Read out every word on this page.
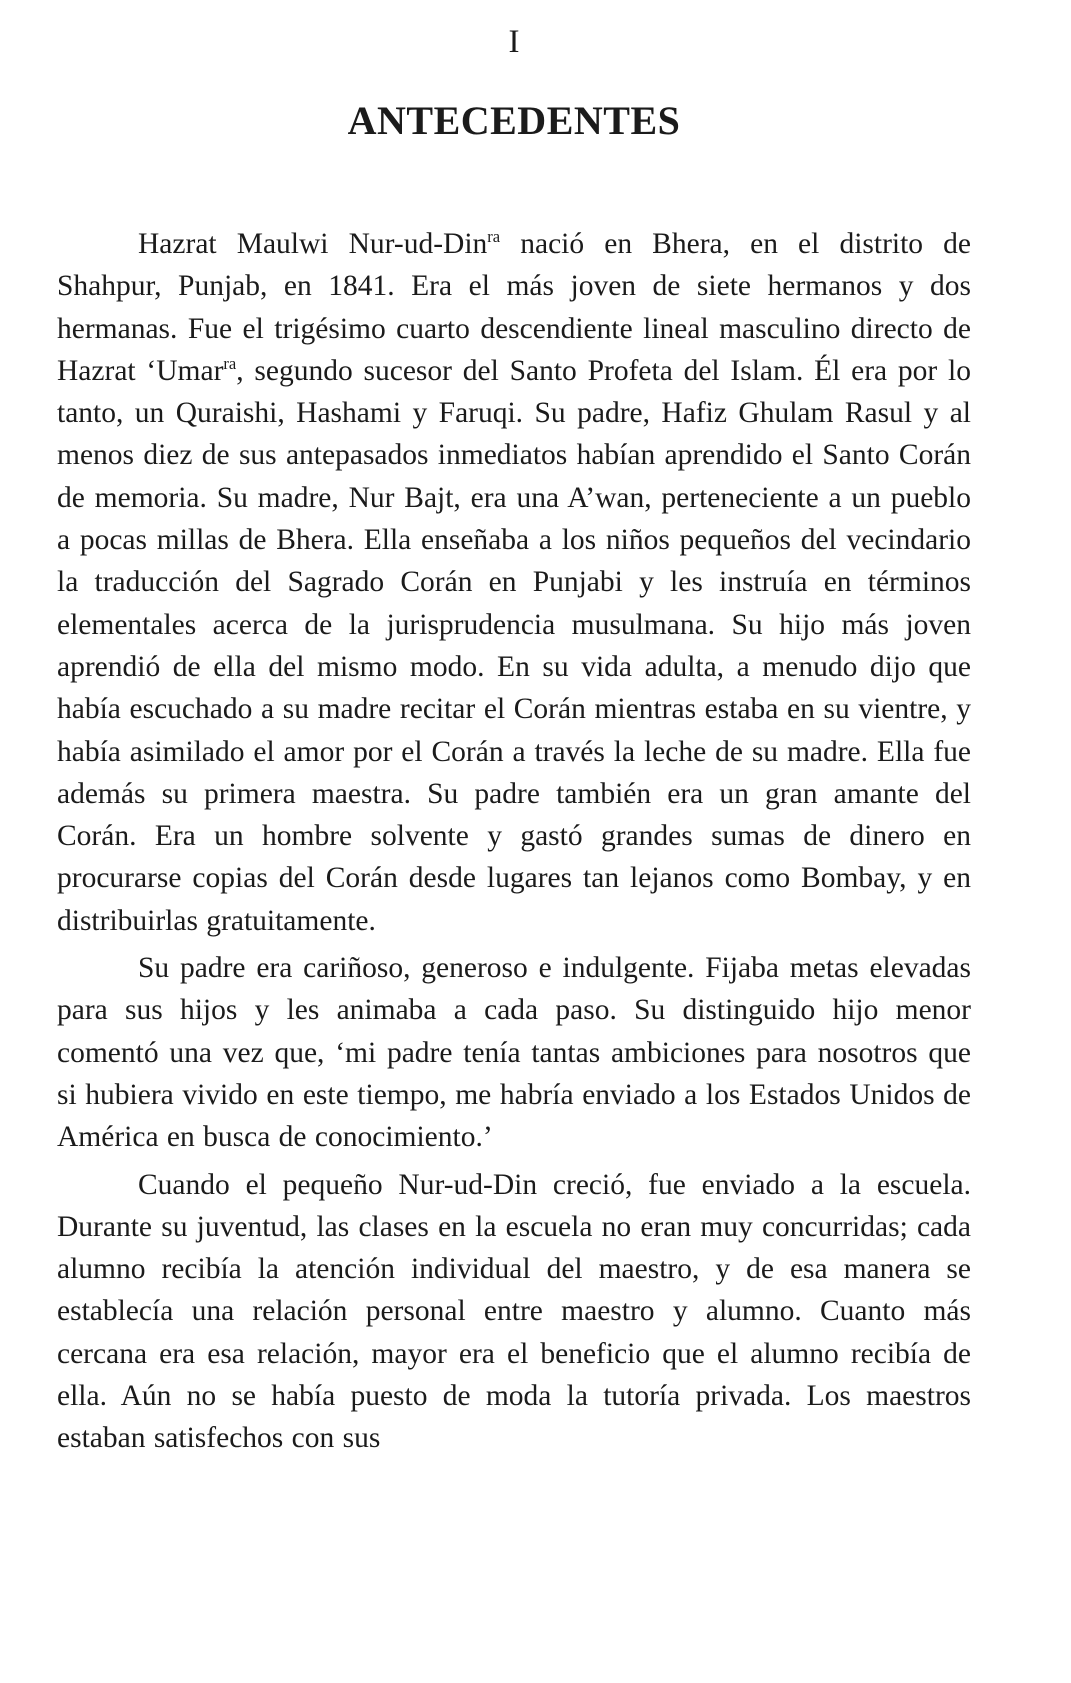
I
ANTECEDENTES

Hazrat Maulwi Nur-ud-Din$^{ra}$ nació en Bhera, en el distrito de Shahpur, Punjab, en 1841. Era el más joven de siete hermanos y dos hermanas. Fue el trigésimo cuarto descendiente lineal masculino directo de Hazrat ‘Umar$^{ra}$, segundo sucesor del Santo Profeta del Islam. Él era por lo tanto, un Quraishi, Hashami y Faruqi. Su padre, Hafiz Ghulam Rasul y al menos diez de sus antepasados inmediatos habían aprendido el Santo Corán de memoria. Su madre, Nur Bajt, era una A’wan, perteneciente a un pueblo a pocas millas de Bhera. Ella enseñaba a los niños pequeños del vecindario la traducción del Sagrado Corán en Punjabi y les instruía en términos elementales acerca de la jurisprudencia musulmana. Su hijo más joven aprendió de ella del mismo modo. En su vida adulta, a menudo dijo que había escuchado a su madre recitar el Corán mientras estaba en su vientre, y había asimilado el amor por el Corán a través la leche de su madre. Ella fue además su primera maestra. Su padre también era un gran amante del Corán. Era un hombre solvente y gastó grandes sumas de dinero en procurarse copias del Corán desde lugares tan lejanos como Bombay, y en distribuirlas gratuitamente.

Su padre era cariñoso, generoso e indulgente. Fijaba metas elevadas para sus hijos y les animaba a cada paso. Su distinguido hijo menor comentó una vez que, ‘mi padre tenía tantas ambiciones para nosotros que si hubiera vivido en este tiempo, me habría enviado a los Estados Unidos de América en busca de conocimiento.’

Cuando el pequeño Nur-ud-Din creció, fue enviado a la escuela. Durante su juventud, las clases en la escuela no eran muy concurridas; cada alumno recibía la atención individual del maestro, y de esa manera se establecía una relación personal entre maestro y alumno. Cuanto más cercana era esa relación, mayor era el beneficio que el alumno recibía de ella. Aún no se había puesto de moda la tutoría privada. Los maestros estaban satisfechos con sus
